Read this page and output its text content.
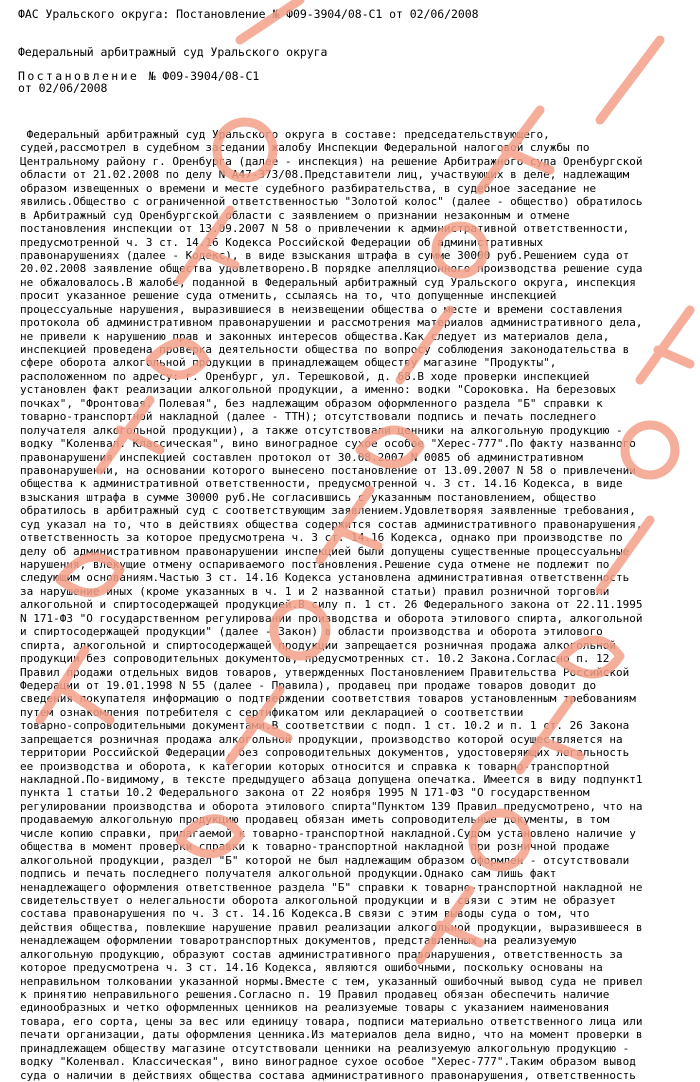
ФАС Уральского округа: Постановление № Ф09-3904/08-С1 от 02/06/2008
Федеральный арбитражный суд Уральского округа
Постановление № Ф09-3904/08-С1
от 02/06/2008
Федеральный арбитражный суд Уральского округа в составе: председательствующего,
судей,рассмотрел в судебном заседании жалобу Инспекции Федеральной налоговой службы по
Центральному району г. Оренбурга (далее - инспекция) на решение Арбитражного суда Оренбургской
области от 21.02.2008 по делу N А47-373/08.Представители лиц, участвующих в деле, надлежащим
образом извещенных о времени и месте судебного разбирательства, в судебное заседание не
явились.Общество с ограниченной ответственностью "Золотой колос" (далее - общество) обратилось
в Арбитражный суд Оренбургской области с заявлением о признании незаконным и отмене
постановления инспекции от 13.09.2007 N 58 о привлечении к административной ответственности,
предусмотренной ч. 3 ст. 14.16 Кодекса Российской Федерации об административных
правонарушениях (далее - Кодекс), в виде взыскания штрафа в сумме 30000 руб.Решением суда от
20.02.2008 заявление общества удовлетворено.В порядке апелляционного производства решение суда
не обжаловалось.В жалобе, поданной в Федеральный арбитражный суд Уральского округа, инспекция
просит указанное решение суда отменить, ссылаясь на то, что допущенные инспекцией
процессуальные нарушения, выразившиеся в неизвещении общества о месте и времени составления
протокола об административном правонарушении и рассмотрения материалов административного дела,
не привели к нарушению прав и законных интересов общества.Как следует из материалов дела,
инспекцией проведена проверка деятельности общества по вопросу соблюдения законодательства в
сфере оборота алкогольной продукции в принадлежащем обществу магазине "Продукты",
расположенном по адресу: г. Оренбург, ул. Терешковой, д. 68.В ходе проверки инспекцией
установлен факт реализации алкогольной продукции, а именно: водки "Сороковка. На березовых
почках", "Фронтовая. Полевая", без надлежащим образом оформленного раздела "Б" справки к
товарно-транспортной накладной (далее - ТТН); отсутствовали подпись и печать последнего
получателя алкогольной продукции), а также отсутствовали ценники на алкогольную продукцию -
водку "Коленвал. Классическая", вино виноградное сухое особое "Херес-777".По факту названного
правонарушения инспекцией составлен протокол от 30.08.2007 N 0085 об административном
правонарушении, на основании которого вынесено постановление от 13.09.2007 N 58 о привлечении
общества к административной ответственности, предусмотренной ч. 3 ст. 14.16 Кодекса, в виде
взыскания штрафа в сумме 30000 руб.Не согласившись с указанным постановлением, общество
обратилось в арбитражный суд с соответствующим заявлением.Удовлетворяя заявленные требования,
суд указал на то, что в действиях общества содержится состав административного правонарушения,
ответственность за которое предусмотрена ч. 3 ст. 14.16 Кодекса, однако при производстве по
делу об административном правонарушении инспекцией были допущены существенные процессуальные
нарушения, влекущие отмену оспариваемого постановления.Решение суда отмене не подлежит по
следующим основаниям.Частью 3 ст. 14.16 Кодекса установлена административная ответственность
за нарушение иных (кроме указанных в ч. 1 и 2 названной статьи) правил розничной торговли
алкогольной и спиртосодержащей продукцией.В силу п. 1 ст. 26 Федерального закона от 22.11.1995
N 171-ФЗ "О государственном регулировании производства и оборота этилового спирта, алкогольной
и спиртосодержащей продукции" (далее - Закон) в области производства и оборота этилового
спирта, алкогольной и спиртосодержащей продукции запрещается розничная продажа алкогольной
продукции без сопроводительных документов, предусмотренных ст. 10.2 Закона.Согласно п. 12
Правил продажи отдельных видов товаров, утвержденных Постановлением Правительства Российской
Федерации от 19.01.1998 N 55 (далее - Правила), продавец при продаже товаров доводит до
сведения покупателя информацию о подтверждении соответствия товаров установленным требованиям
путем ознакомления потребителя с сертификатом или декларацией о соответствии
товарно-сопроводительными документами.В соответствии с подп. 1 ст. 10.2 и п. 1 ст. 26 Закона
запрещается розничная продажа алкогольной продукции, производство которой осуществляется на
территории Российской Федерации, без сопроводительных документов, удостоверяющих легальность
ее производства и оборота, к категории которых относится и справка к товарно-транспортной
накладной.По-видимому, в тексте предыдущего абзаца допущена опечатка. Имеется в виду подпункт1
пункта 1 статьи 10.2 Федерального закона от 22 ноября 1995 N 171-ФЗ "О государственном
регулировании производства и оборота этилового спирта"Пунктом 139 Правил предусмотрено, что на
продаваемую алкогольную продукцию продавец обязан иметь сопроводительные документы, в том
числе копию справки, прилагаемой к товарно-транспортной накладной.Судом установлено наличие у
общества в момент проверки справки к товарно-транспортной накладной при розничной продаже
алкогольной продукции, раздел "Б" которой не был надлежащим образом оформлен - отсутствовали
подпись и печать последнего получателя алкогольной продукции.Однако сам лишь факт
ненадлежащего оформления ответственное раздела "Б" справки к товарно-транспортной накладной не
свидетельствует о нелегальности оборота алкогольной продукции и в связи с этим не образует
состава правонарушения по ч. 3 ст. 14.16 Кодекса.В связи с этим выводы суда о том, что
действия общества, повлекшие нарушение правил реализации алкогольной продукции, выразившееся в
ненадлежащем оформлении товаротранспортных документов, представленных на реализуемую
алкогольную продукцию, образуют состав административного правонарушения, ответственность за
которое предусмотрена ч. 3 ст. 14.16 Кодекса, являются ошибочными, поскольку основаны на
неправильном толковании указанной нормы.Вместе с тем, указанный ошибочный вывод суда не привел
к принятию неправильного решения.Согласно п. 19 Правил продавец обязан обеспечить наличие
единообразных и четко оформленных ценников на реализуемые товары с указанием наименования
товара, его сорта, цены за вес или единицу товара, подписи материально ответственного лица или
печати организации, даты оформления ценника.Из материалов дела видно, что на момент проверки в
принадлежащем обществу магазине отсутствовали ценники на реализуемую алкогольную продукцию -
водку "Коленвал. Классическая", вино виноградное сухое особое "Херес-777".Таким образом вывод
суда о наличии в действиях общества состава административного правонарушения, ответственность
